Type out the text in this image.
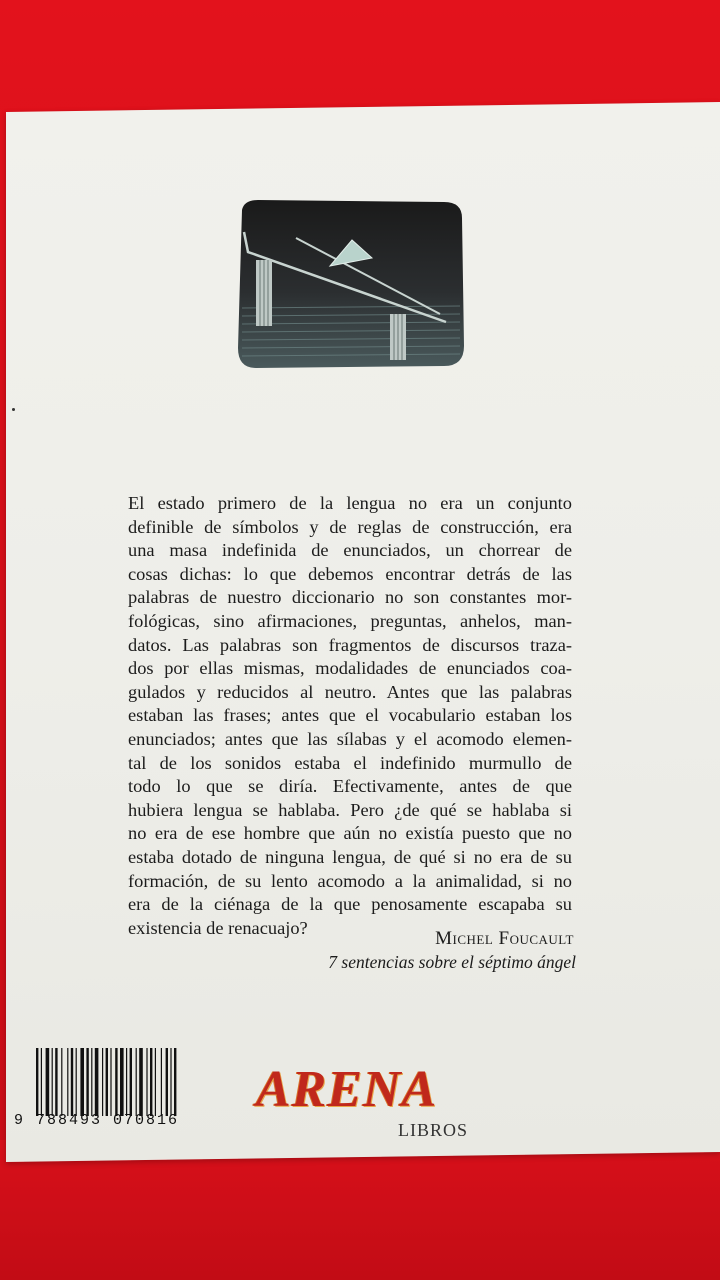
El estado primero de la lengua no era un conjunto
definible de símbolos y de reglas de construcción, era
una masa indefinida de enunciados, un chorrear de
cosas dichas: lo que debemos encontrar detrás de las
palabras de nuestro diccionario no son constantes mor-
fológicas, sino afirmaciones, preguntas, anhelos, man-
datos. Las palabras son fragmentos de discursos traza-
dos por ellas mismas, modalidades de enunciados coa-
gulados y reducidos al neutro. Antes que las palabras
estaban las frases; antes que el vocabulario estaban los
enunciados; antes que las sílabas y el acomodo elemen-
tal de los sonidos estaba el indefinido murmullo de
todo lo que se diría. Efectivamente, antes de que
hubiera lengua se hablaba. Pero ¿de qué se hablaba si
no era de ese hombre que aún no existía puesto que no
estaba dotado de ninguna lengua, de qué si no era de su
formación, de su lento acomodo a la animalidad, si no
era de la ciénaga de la que penosamente escapaba su
existencia de renacuajo?
Michel Foucault
7 sentencias sobre el séptimo ángel
9 788493 070816
ARENA
LIBROS
